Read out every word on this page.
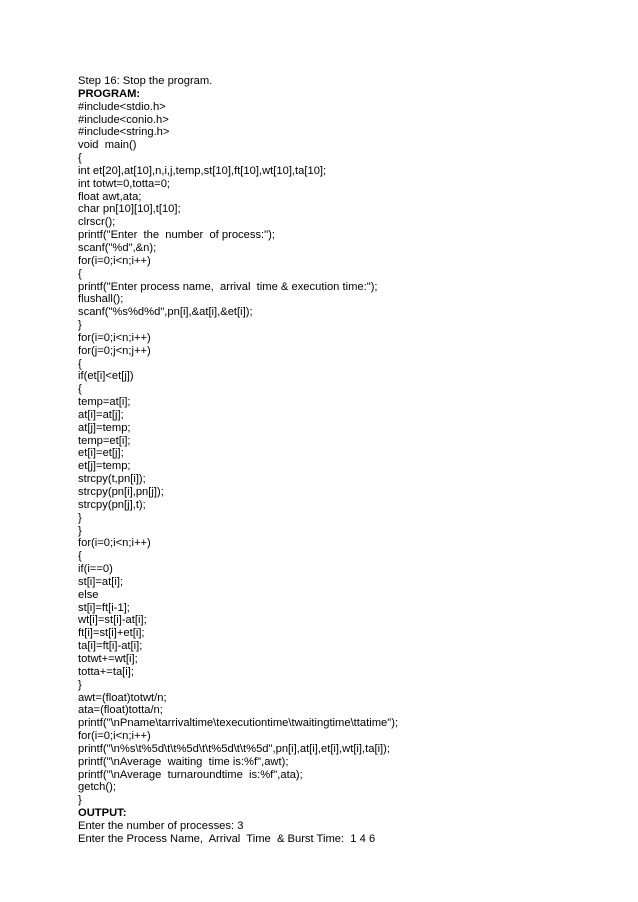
Step 16: Stop the program.
PROGRAM:
#include<stdio.h>
#include<conio.h>
#include<string.h>
void  main()
{
int et[20],at[10],n,i,j,temp,st[10],ft[10],wt[10],ta[10];
int totwt=0,totta=0;
float awt,ata;
char pn[10][10],t[10];
clrscr();
printf("Enter  the  number  of process:");
scanf("%d",&n);
for(i=0;i<n;i++)
{
printf("Enter process name,  arrival  time & execution time:");
flushall();
scanf("%s%d%d",pn[i],&at[i],&et[i]);
}
for(i=0;i<n;i++)
for(j=0;j<n;j++)
{
if(et[i]<et[j])
{
temp=at[i];
at[i]=at[j];
at[j]=temp;
temp=et[i];
et[i]=et[j];
et[j]=temp;
strcpy(t,pn[i]);
strcpy(pn[i],pn[j]);
strcpy(pn[j],t);
}
}
for(i=0;i<n;i++)
{
if(i==0)
st[i]=at[i];
else
st[i]=ft[i-1];
wt[i]=st[i]-at[i];
ft[i]=st[i]+et[i];
ta[i]=ft[i]-at[i];
totwt+=wt[i];
totta+=ta[i];
}
awt=(float)totwt/n;
ata=(float)totta/n;
printf("\nPname\tarrivaltime\texecutiontime\twaitingtime\ttatime");
for(i=0;i<n;i++)
printf("\n%s\t%5d\t\t%5d\t\t%5d\t\t%5d",pn[i],at[i],et[i],wt[i],ta[i]);
printf("\nAverage  waiting  time is:%f",awt);
printf("\nAverage  turnaroundtime  is:%f",ata);
getch();
}
OUTPUT:
Enter the number of processes: 3
Enter the Process Name,  Arrival  Time  & Burst Time:  1 4 6
